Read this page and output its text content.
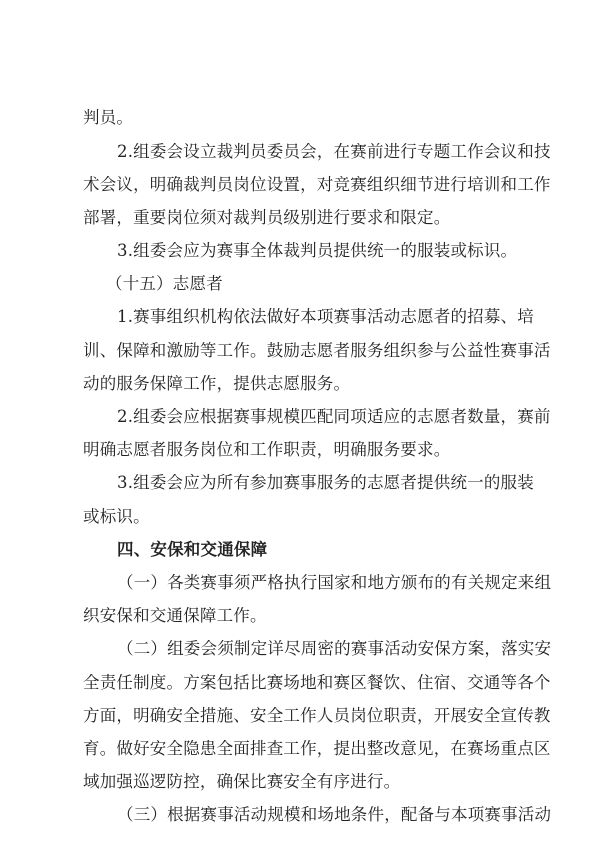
判员。
2.组委会设立裁判员委员会，在赛前进行专题工作会议和技
术会议，明确裁判员岗位设置，对竞赛组织细节进行培训和工作
部署，重要岗位须对裁判员级别进行要求和限定。
3.组委会应为赛事全体裁判员提供统一的服装或标识。
（十五）志愿者
1.赛事组织机构依法做好本项赛事活动志愿者的招募、培
训、保障和激励等工作。鼓励志愿者服务组织参与公益性赛事活
动的服务保障工作，提供志愿服务。
2.组委会应根据赛事规模匹配同项适应的志愿者数量，赛前
明确志愿者服务岗位和工作职责，明确服务要求。
3.组委会应为所有参加赛事服务的志愿者提供统一的服装
或标识。
四、安保和交通保障
（一）各类赛事须严格执行国家和地方颁布的有关规定来组
织安保和交通保障工作。
（二）组委会须制定详尽周密的赛事活动安保方案，落实安
全责任制度。方案包括比赛场地和赛区餐饮、住宿、交通等各个
方面，明确安全措施、安全工作人员岗位职责，开展安全宣传教
育。做好安全隐患全面排查工作，提出整改意见，在赛场重点区
域加强巡逻防控，确保比赛安全有序进行。
（三）根据赛事活动规模和场地条件，配备与本项赛事活动
